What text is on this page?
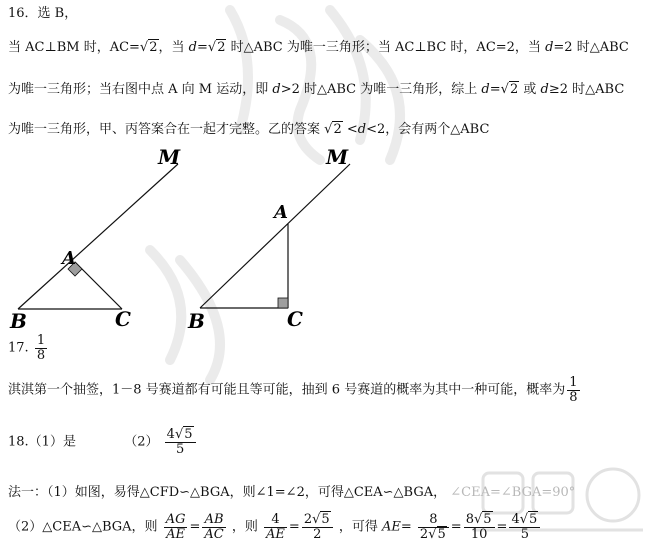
16．选 B，
当 AC⊥BM 时，AC=√2，当 d=√2 时△ABC 为唯一三角形；当 AC⊥BC 时，AC=2，当 d=2 时△ABC
为唯一三角形；当右图中点 A 向 M 运动，即 d>2 时△ABC 为唯一三角形，综上 d=√2 或 d≥2 时△ABC
为唯一三角形，甲、丙答案合在一起才完整。乙的答案 √2 <d<2，会有两个△ABC
M
A
B	C
M
A
B	C
17. $\frac{1}{8}$
淇淇第一个抽签，1－8 号赛道都有可能且等可能，抽到 6 号赛道的概率为其中一种可能，概率为 $\frac{1}{8}$
18.（1）是	$(2) \frac{4√5}{5}$
法一：（1）如图，易得△CFD∽△BGA，则∠1=∠2，可得△CEA∽△BGA， ∠CEA=∠BGA=90°
（2）△CEA∽△BGA，则 $\frac{AG}{AE} = \frac{AB}{AC}$ ，则 $\frac{4}{AE} = \frac{2√5}{2}$ ，可得 $AE= \frac{8}{2√5} = \frac{8√5}{10} = \frac{4√5}{5}$
